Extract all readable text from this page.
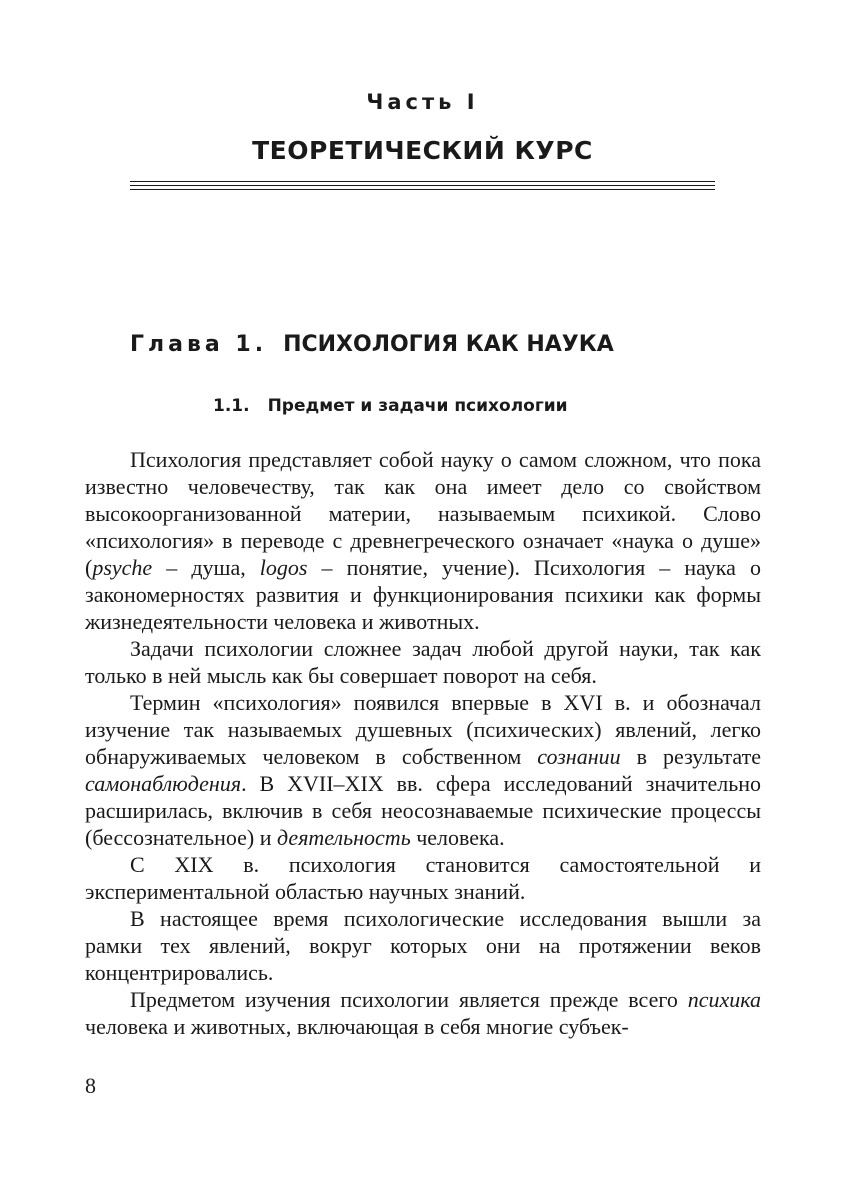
Часть I
ТЕОРЕТИЧЕСКИЙ КУРС
Глава 1. ПСИХОЛОГИЯ КАК НАУКА
1.1. Предмет и задачи психологии

Психология представляет собой науку о самом сложном, что пока известно человечеству, так как она имеет дело со свойством высокоорганизованной материи, называемым психикой. Слово «психология» в переводе с древнегреческого означает «наука о душе» (psyche – душа, logos – понятие, учение). Психология – наука о закономерностях развития и функционирования психики как формы жизнедеятельности человека и животных.

Задачи психологии сложнее задач любой другой науки, так как только в ней мысль как бы совершает поворот на себя.

Термин «психология» появился впервые в XVI в. и обозначал изучение так называемых душевных (психических) явлений, легко обнаруживаемых человеком в собственном сознании в результате самонаблюдения. В XVII–XIX вв. сфера исследований значительно расширилась, включив в себя неосознаваемые психические процессы (бессознательное) и деятельность человека.

С XIX в. психология становится самостоятельной и экспериментальной областью научных знаний.

В настоящее время психологические исследования вышли за рамки тех явлений, вокруг которых они на протяжении веков концентрировались.

Предметом изучения психологии является прежде всего психика человека и животных, включающая в себя многие субъек-

8
